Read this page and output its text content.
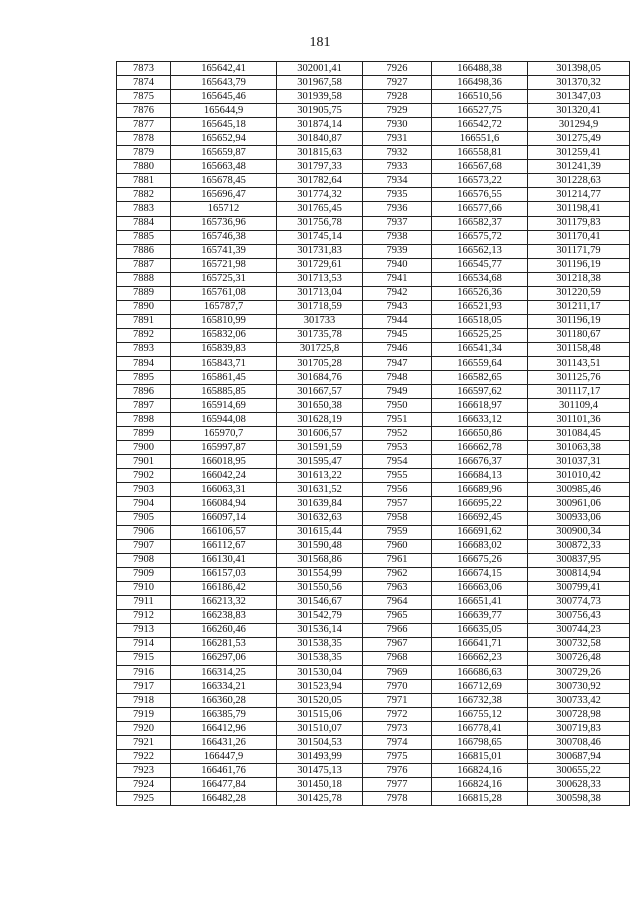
181
7873	165642,41	302001,41	7926	166488,38	301398,05
7874	165643,79	301967,58	7927	166498,36	301370,32
7875	165645,46	301939,58	7928	166510,56	301347,03
7876	165644,9	301905,75	7929	166527,75	301320,41
7877	165645,18	301874,14	7930	166542,72	301294,9
7878	165652,94	301840,87	7931	166551,6	301275,49
7879	165659,87	301815,63	7932	166558,81	301259,41
7880	165663,48	301797,33	7933	166567,68	301241,39
7881	165678,45	301782,64	7934	166573,22	301228,63
7882	165696,47	301774,32	7935	166576,55	301214,77
7883	165712	301765,45	7936	166577,66	301198,41
7884	165736,96	301756,78	7937	166582,37	301179,83
7885	165746,38	301745,14	7938	166575,72	301170,41
7886	165741,39	301731,83	7939	166562,13	301171,79
7887	165721,98	301729,61	7940	166545,77	301196,19
7888	165725,31	301713,53	7941	166534,68	301218,38
7889	165761,08	301713,04	7942	166526,36	301220,59
7890	165787,7	301718,59	7943	166521,93	301211,17
7891	165810,99	301733	7944	166518,05	301196,19
7892	165832,06	301735,78	7945	166525,25	301180,67
7893	165839,83	301725,8	7946	166541,34	301158,48
7894	165843,71	301705,28	7947	166559,64	301143,51
7895	165861,45	301684,76	7948	166582,65	301125,76
7896	165885,85	301667,57	7949	166597,62	301117,17
7897	165914,69	301650,38	7950	166618,97	301109,4
7898	165944,08	301628,19	7951	166633,12	301101,36
7899	165970,7	301606,57	7952	166650,86	301084,45
7900	165997,87	301591,59	7953	166662,78	301063,38
7901	166018,95	301595,47	7954	166676,37	301037,31
7902	166042,24	301613,22	7955	166684,13	301010,42
7903	166063,31	301631,52	7956	166689,96	300985,46
7904	166084,94	301639,84	7957	166695,22	300961,06
7905	166097,14	301632,63	7958	166692,45	300933,06
7906	166106,57	301615,44	7959	166691,62	300900,34
7907	166112,67	301590,48	7960	166683,02	300872,33
7908	166130,41	301568,86	7961	166675,26	300837,95
7909	166157,03	301554,99	7962	166674,15	300814,94
7910	166186,42	301550,56	7963	166663,06	300799,41
7911	166213,32	301546,67	7964	166651,41	300774,73
7912	166238,83	301542,79	7965	166639,77	300756,43
7913	166260,46	301536,14	7966	166635,05	300744,23
7914	166281,53	301538,35	7967	166641,71	300732,58
7915	166297,06	301538,35	7968	166662,23	300726,48
7916	166314,25	301530,04	7969	166686,63	300729,26
7917	166334,21	301523,94	7970	166712,69	300730,92
7918	166360,28	301520,05	7971	166732,38	300733,42
7919	166385,79	301515,06	7972	166755,12	300728,98
7920	166412,96	301510,07	7973	166778,41	300719,83
7921	166431,26	301504,53	7974	166798,65	300708,46
7922	166447,9	301493,99	7975	166815,01	300687,94
7923	166461,76	301475,13	7976	166824,16	300655,22
7924	166477,84	301450,18	7977	166824,16	300628,33
7925	166482,28	301425,78	7978	166815,28	300598,38
